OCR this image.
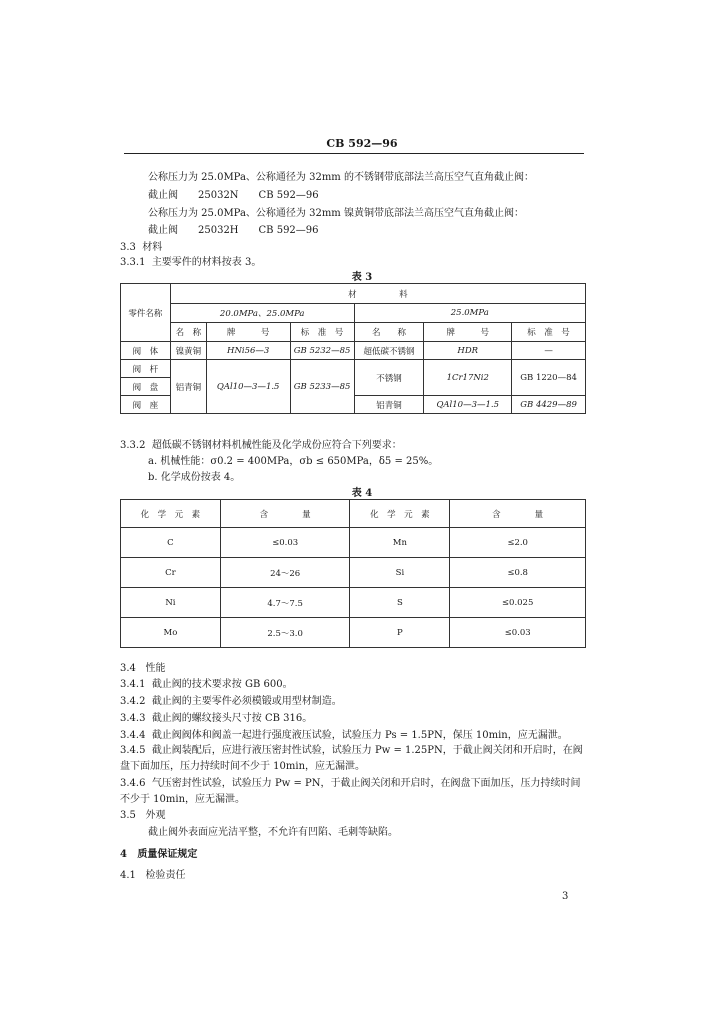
CB 592—96
公称压力为 25.0MPa、公称通径为 32mm 的不锈钢带底部法兰高压空气直角截止阀：
截止阀　　25032N　　CB 592—96
公称压力为 25.0MPa、公称通径为 32mm 镍黄铜带底部法兰高压空气直角截止阀：
截止阀　　25032H　　CB 592—96
3.3 材料
3.3.1 主要零件的材料按表 3。
表 3
零件名称	材　　　　　料					
	20.0MPa、25.0MPa			25.0MPa		
	名　称	牌　　　号	标　准　号	名　　称	牌　　　号	标　准　号
阀　体	镍黄铜	HNi56—3	GB 5232—85	超低碳不锈钢	HDR	—
阀　杆	铝青铜	QAl10—3—1.5	GB 5233—85	不锈钢	1Cr17Ni2	GB 1220—84
阀　盘						
阀　座				铝青铜	QAl10—3—1.5	GB 4429—89
3.3.2 超低碳不锈钢材料机械性能及化学成份应符合下列要求：
a. 机械性能：σ0.2 = 400MPa，σb ≤ 650MPa，δ5 = 25%。
b. 化学成份按表 4。
表 4
化　学　元　素	含　　　　量	化　学　元　素	含　　　　量
C	≤0.03	Mn	≤2.0
Cr	24～26	Si	≤0.8
Ni	4.7～7.5	S	≤0.025
Mo	2.5～3.0	P	≤0.03
3.4 性能
3.4.1 截止阀的技术要求按 GB 600。
3.4.2 截止阀的主要零件必须模锻或用型材制造。
3.4.3 截止阀的螺纹接头尺寸按 CB 316。
3.4.4 截止阀阀体和阀盖一起进行强度液压试验，试验压力 Ps = 1.5PN，保压 10min，应无漏泄。
3.4.5 截止阀装配后，应进行液压密封性试验，试验压力 Pw = 1.25PN，于截止阀关闭和开启时，在阀
盘下面加压，压力持续时间不少于 10min，应无漏泄。
3.4.6 气压密封性试验，试验压力 Pw = PN，于截止阀关闭和开启时，在阀盘下面加压，压力持续时间
不少于 10min，应无漏泄。
3.5 外观
截止阀外表面应光洁平整，不允许有凹陷、毛刺等缺陷。
4 质量保证规定
4.1 检验责任
3
